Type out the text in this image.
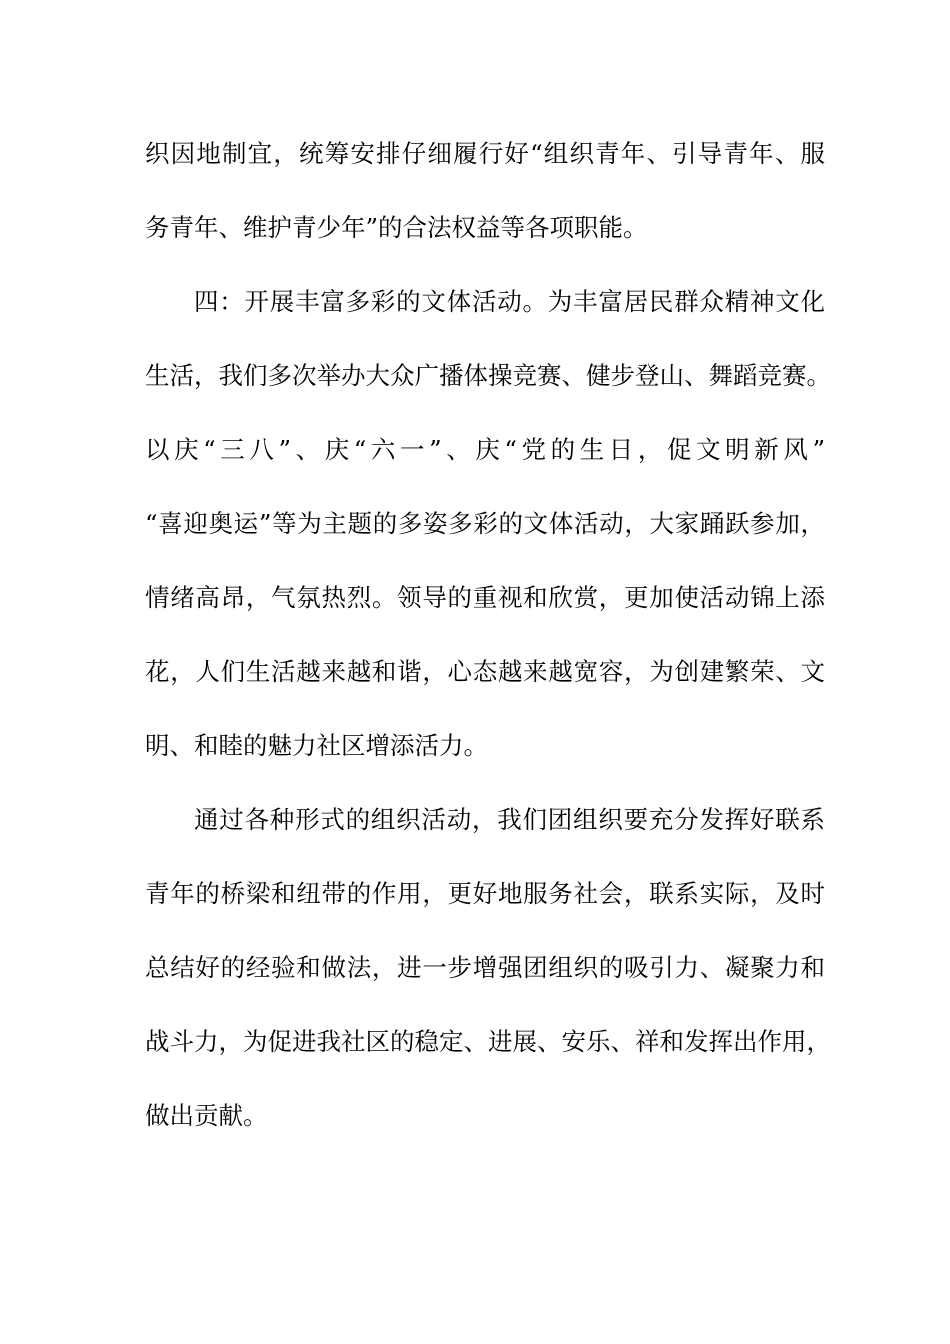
织因地制宜，统筹安排仔细履行好“组织青年、引导青年、服
务青年、维护青少年”的合法权益等各项职能。
四：开展丰富多彩的文体活动。为丰富居民群众精神文化
生活，我们多次举办大众广播体操竞赛、健步登山、舞蹈竞赛。
以庆“三八”、庆“六一”、庆“党的生日，促文明新风”
“喜迎奥运”等为主题的多姿多彩的文体活动，大家踊跃参加，
情绪高昂，气氛热烈。领导的重视和欣赏，更加使活动锦上添
花，人们生活越来越和谐，心态越来越宽容，为创建繁荣、文
明、和睦的魅力社区增添活力。
通过各种形式的组织活动，我们团组织要充分发挥好联系
青年的桥梁和纽带的作用，更好地服务社会，联系实际，及时
总结好的经验和做法，进一步增强团组织的吸引力、凝聚力和
战斗力，为促进我社区的稳定、进展、安乐、祥和发挥出作用，
做出贡献。
